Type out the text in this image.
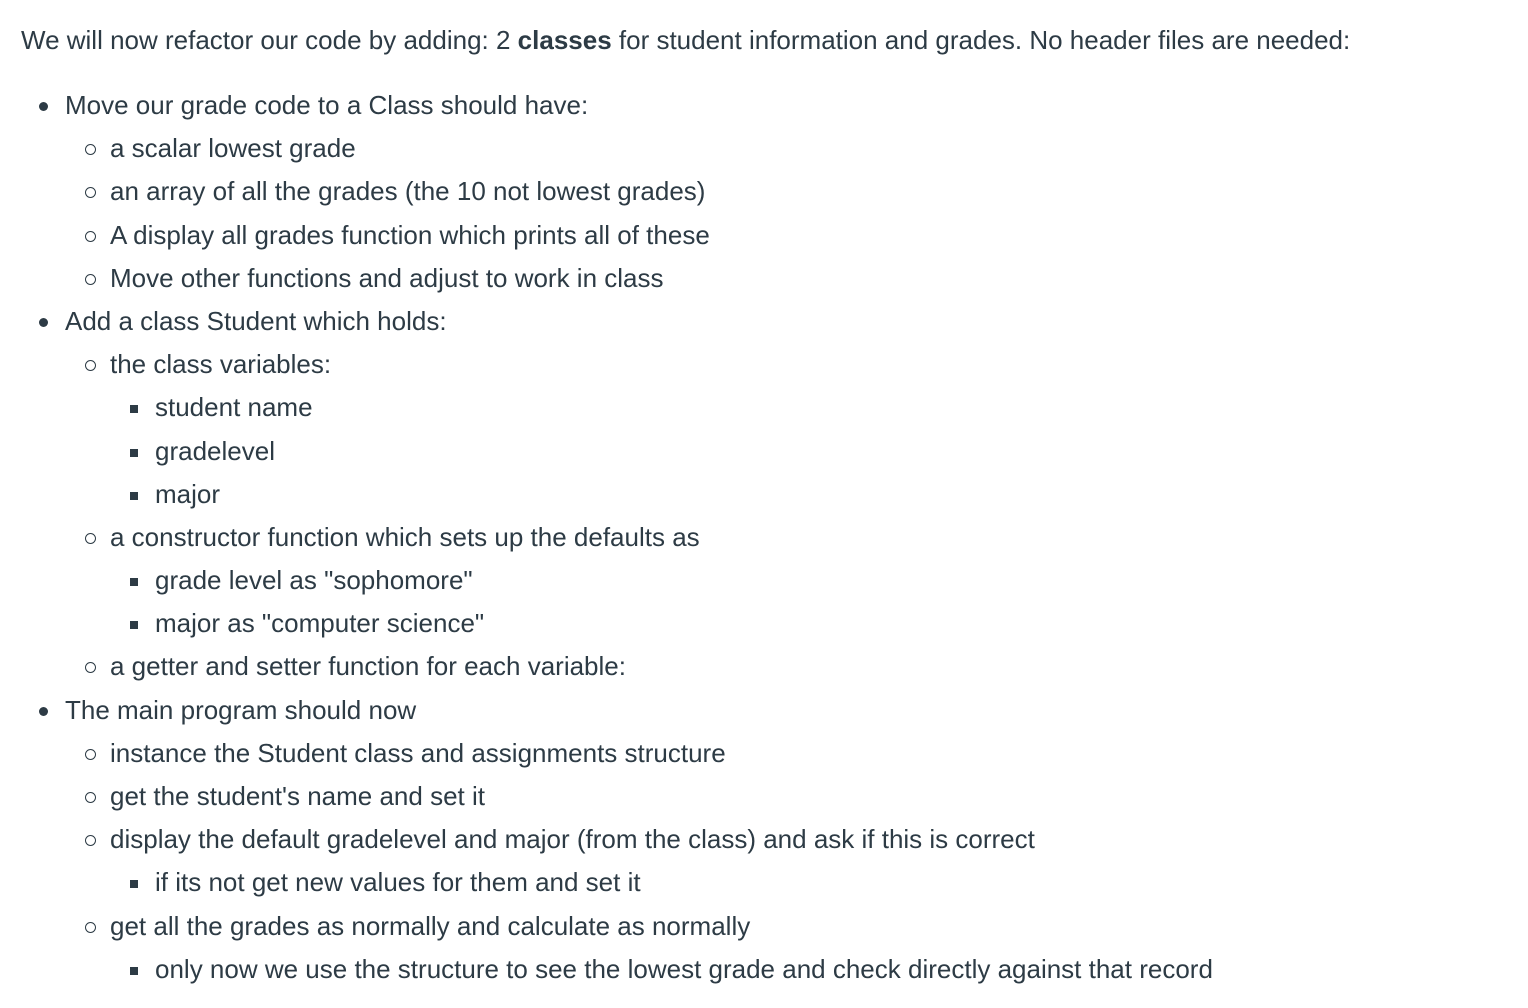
We will now refactor our code by adding: 2 classes for student information and grades. No header files are needed:

Move our grade code to a Class should have:
a scalar lowest grade
an array of all the grades (the 10 not lowest grades)
A display all grades function which prints all of these
Move other functions and adjust to work in class
Add a class Student which holds:
the class variables:
student name
gradelevel
major
a constructor function which sets up the defaults as
grade level as "sophomore"
major as "computer science"
a getter and setter function for each variable:
The main program should now
instance the Student class and assignments structure
get the student's name and set it
display the default gradelevel and major (from the class) and ask if this is correct
if its not get new values for them and set it
get all the grades as normally and calculate as normally
only now we use the structure to see the lowest grade and check directly against that record
